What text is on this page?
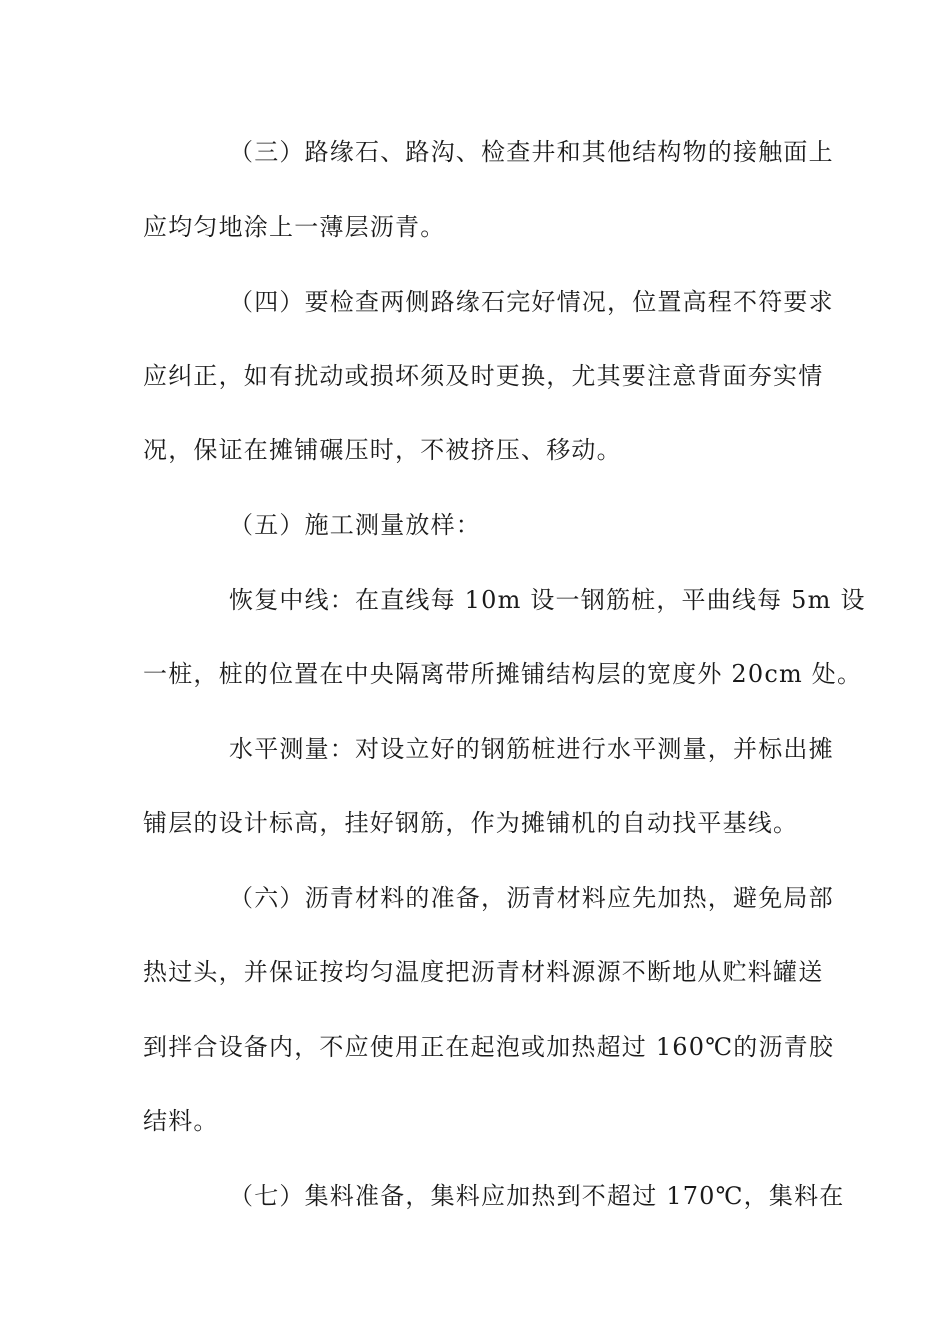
（三）路缘石、路沟、检查井和其他结构物的接触面上
应均匀地涂上一薄层沥青。
（四）要检查两侧路缘石完好情况，位置高程不符要求
应纠正，如有扰动或损坏须及时更换，尤其要注意背面夯实情
况，保证在摊铺碾压时，不被挤压、移动。
（五）施工测量放样：
恢复中线：在直线每 10m 设一钢筋桩，平曲线每 5m 设
一桩，桩的位置在中央隔离带所摊铺结构层的宽度外 20cm 处。
水平测量：对设立好的钢筋桩进行水平测量，并标出摊
铺层的设计标高，挂好钢筋，作为摊铺机的自动找平基线。
（六）沥青材料的准备，沥青材料应先加热，避免局部
热过头，并保证按均匀温度把沥青材料源源不断地从贮料罐送
到拌合设备内，不应使用正在起泡或加热超过 160℃的沥青胶
结料。
（七）集料准备，集料应加热到不超过 170℃，集料在
